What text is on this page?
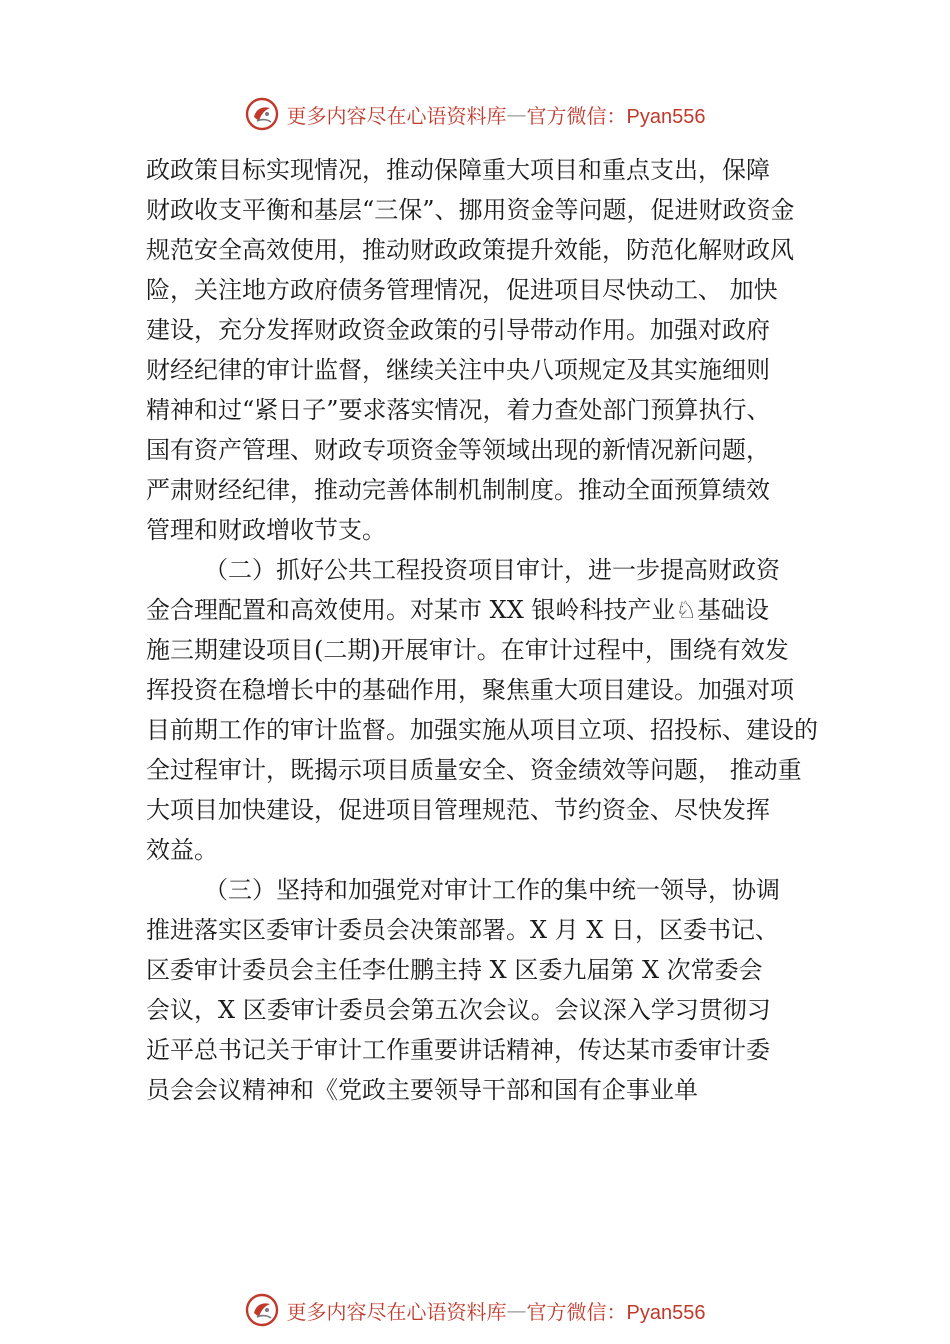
更多内容尽在心语资料库 — 官方微信：Pyan556
政政策目标实现情况，推动保障重大项目和重点支出，保障
财政收支平衡和基层“三保”、挪用资金等问题，促进财政资金
规范安全高效使用，推动财政政策提升效能，防范化解财政风
险，关注地方政府债务管理情况，促进项目尽快动工、 加快
建设，充分发挥财政资金政策的引导带动作用。加强对政府
财经纪律的审计监督，继续关注中央八项规定及其实施细则
精神和过“紧日子”要求落实情况，着力查处部门预算执行、
国有资产管理、财政专项资金等领域出现的新情况新问题，
严肃财经纪律，推动完善体制机制制度。推动全面预算绩效
管理和财政增收节支。
（二）抓好公共工程投资项目审计，进一步提高财政资
金合理配置和高效使用。对某市 XX 银岭科技产业♘基础设
施三期建设项目(二期)开展审计。在审计过程中，围绕有效发
挥投资在稳增长中的基础作用，聚焦重大项目建设。加强对项
目前期工作的审计监督。加强实施从项目立项、招投标、建设的
全过程审计，既揭示项目质量安全、资金绩效等问题， 推动重
大项目加快建设，促进项目管理规范、节约资金、尽快发挥
效益。
（三）坚持和加强党对审计工作的集中统一领导，协调
推进落实区委审计委员会决策部署。X 月 X 日，区委书记、
区委审计委员会主任李仕鹏主持 X 区委九届第 X 次常委会
会议，X 区委审计委员会第五次会议。会议深入学习贯彻习
近平总书记关于审计工作重要讲话精神，传达某市委审计委
员会会议精神和《党政主要领导干部和国有企事业单
更多内容尽在心语资料库 — 官方微信：Pyan556
